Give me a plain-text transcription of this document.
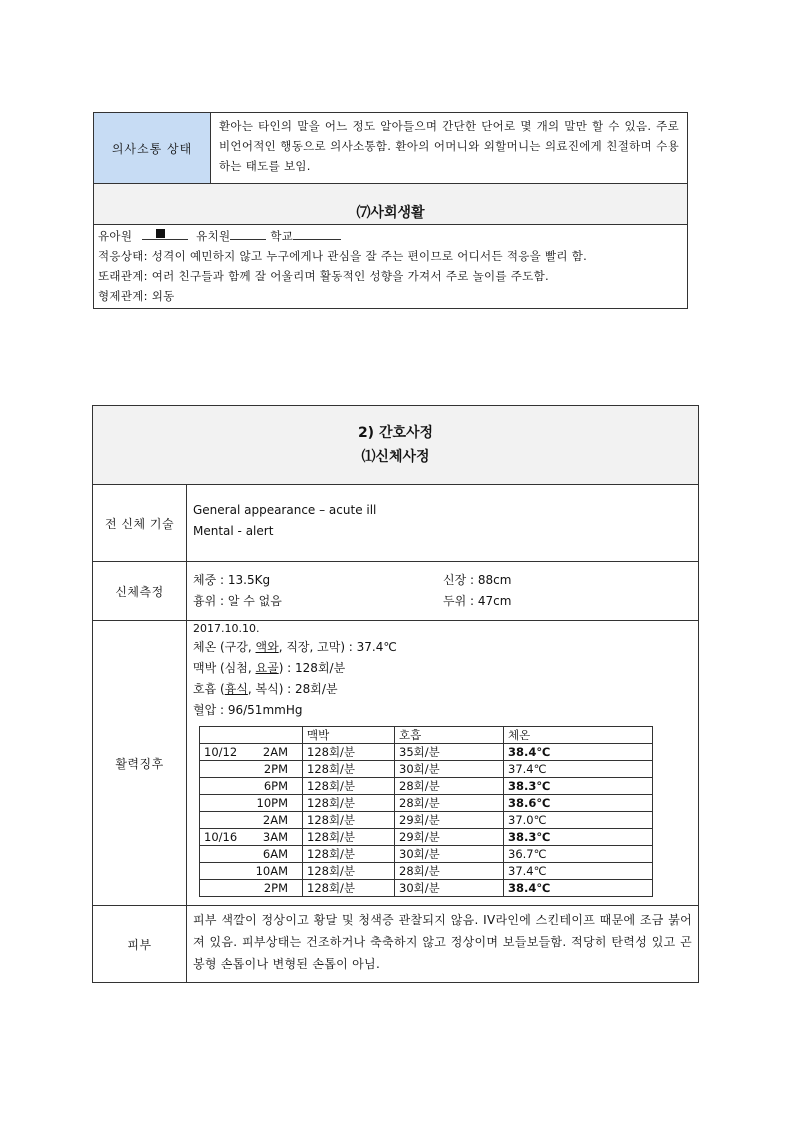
의사소통 상태
환아는 타인의 말을 어느 정도 알아들으며 간단한 단어로 몇 개의 말만 할 수 있음. 주로 비언어적인 행동으로 의사소통함. 환아의 어머니와 외할머니는 의료진에게 친절하며 수용하는 태도를 보임.
⑺사회생활
유아원	유치원	학교
적응상태: 성격이 예민하지 않고 누구에게나 관심을 잘 주는 편이므로 어디서든 적응을 빨리 함.
또래관계: 여러 친구들과 함께 잘 어울리며 활동적인 성향을 가져서 주로 놀이를 주도함.
형제관계: 외동
2) 간호사정
⑴신체사정
전 신체 기술
General appearance – acute ill
Mental - alert
신체측정
체중 : 13.5Kg	신장 : 88cm
흉위 : 알 수 없음	두위 : 47cm
활력징후
2017.10.10.
체온 (구강, 액와, 직장, 고막) : 37.4℃
맥박 (심첨, 요골) : 128회/분
호흡 (흉식, 복식) : 28회/분
혈압 : 96/51mmHg
	맥박	호흡	체온
10/12 2AM	128회/분	35회/분	38.4℃
2PM	128회/분	30회/분	37.4℃
6PM	128회/분	28회/분	38.3℃
10PM	128회/분	28회/분	38.6℃
2AM	128회/분	29회/분	37.0℃
10/16 3AM	128회/분	29회/분	38.3℃
6AM	128회/분	30회/분	36.7℃
10AM	128회/분	28회/분	37.4℃
2PM	128회/분	30회/분	38.4℃
피부
피부 색깔이 정상이고 황달 및 청색증 관찰되지 않음. IV라인에 스킨테이프 때문에 조금 붉어져 있음. 피부상태는 건조하거나 축축하지 않고 정상이며 보들보들함. 적당히 탄력성 있고 곤봉형 손톱이나 변형된 손톱이 아님.
